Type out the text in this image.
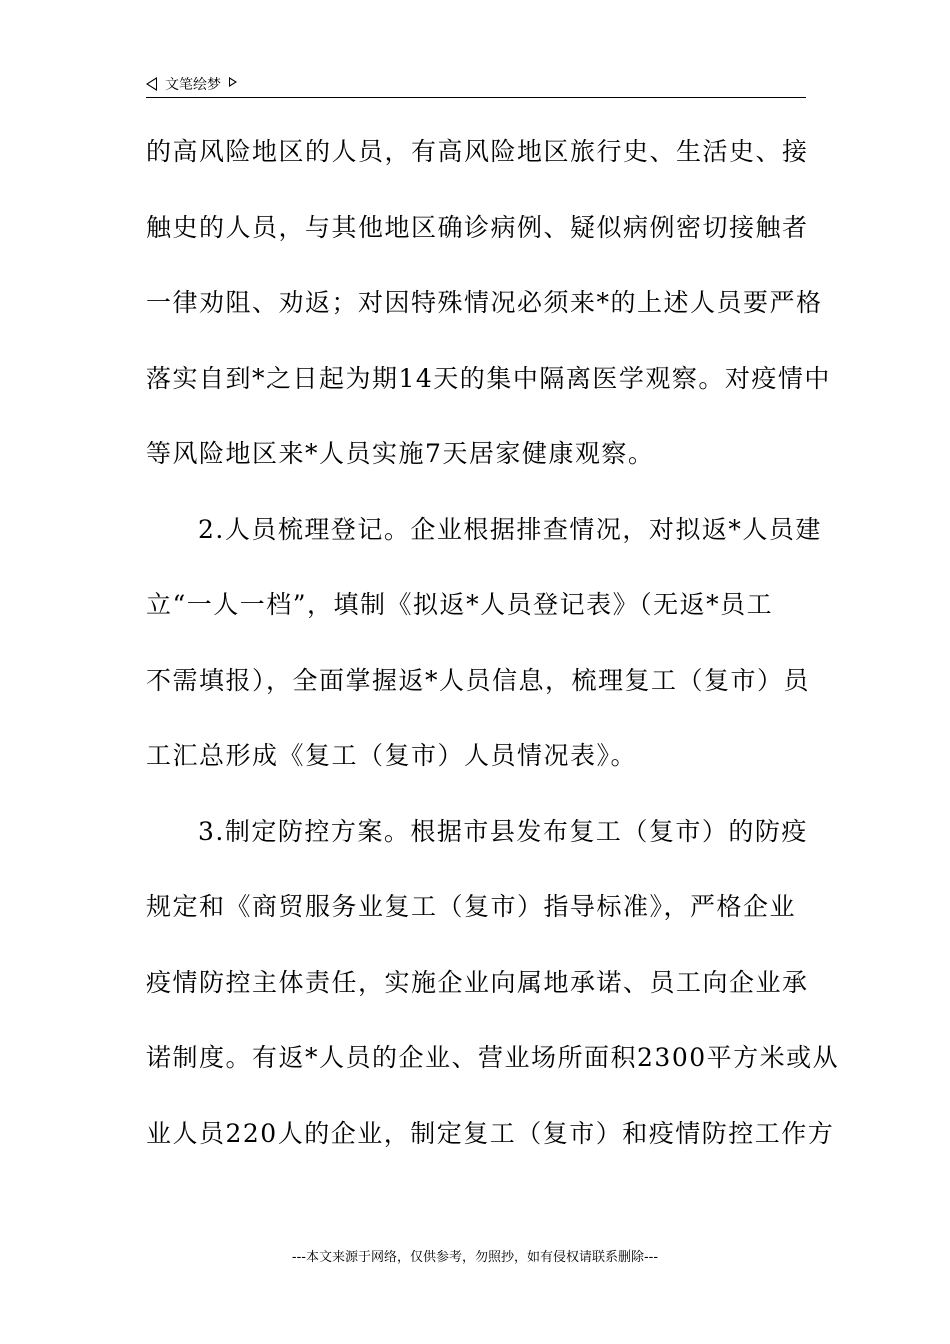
文笔绘梦
的高风险地区的人员，有高风险地区旅行史、生活史、接
触史的人员，与其他地区确诊病例、疑似病例密切接触者
一律劝阻、劝返；对因特殊情况必须来*的上述人员要严格
落实自到*之日起为期14天的集中隔离医学观察。对疫情中
等风险地区来*人员实施7天居家健康观察。
2.人员梳理登记。企业根据排查情况，对拟返*人员建
立“一人一档”，填制《拟返*人员登记表》（无返*员工
不需填报），全面掌握返*人员信息，梳理复工（复市）员
工汇总形成《复工（复市）人员情况表》。
3.制定防控方案。根据市县发布复工（复市）的防疫
规定和《商贸服务业复工（复市）指导标准》，严格企业
疫情防控主体责任，实施企业向属地承诺、员工向企业承
诺制度。有返*人员的企业、营业场所面积2300平方米或从
业人员220人的企业，制定复工（复市）和疫情防控工作方
---本文来源于网络，仅供参考，勿照抄，如有侵权请联系删除---
